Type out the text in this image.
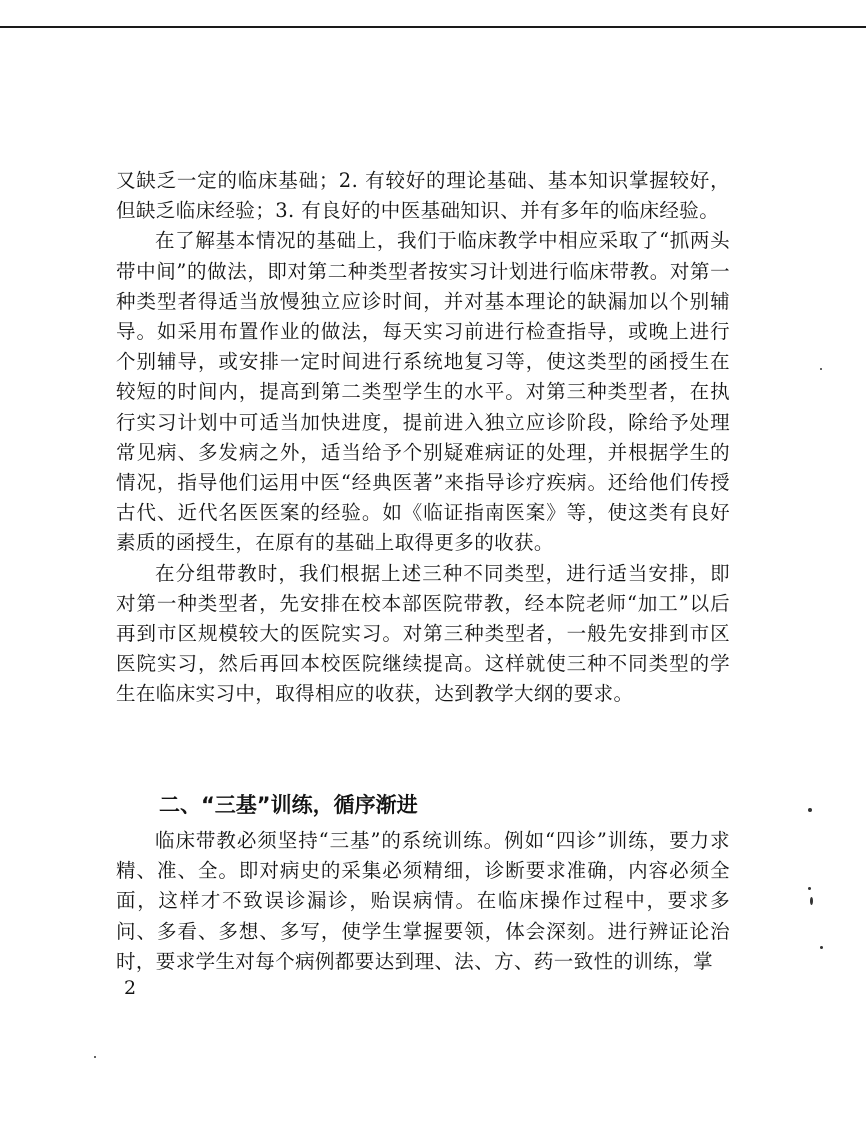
又缺乏一定的临床基础；2. 有较好的理论基础、基本知识掌握较好，但缺乏临床经验；3. 有良好的中医基础知识、并有多年的临床经验。

在了解基本情况的基础上，我们于临床教学中相应采取了“抓两头带中间”的做法，即对第二种类型者按实习计划进行临床带教。对第一种类型者得适当放慢独立应诊时间，并对基本理论的缺漏加以个别辅导。如采用布置作业的做法，每天实习前进行检查指导，或晚上进行个别辅导，或安排一定时间进行系统地复习等，使这类型的函授生在较短的时间内，提高到第二类型学生的水平。对第三种类型者，在执行实习计划中可适当加快进度，提前进入独立应诊阶段，除给予处理常见病、多发病之外，适当给予个别疑难病证的处理，并根据学生的情况，指导他们运用中医“经典医著”来指导诊疗疾病。还给他们传授古代、近代名医医案的经验。如《临证指南医案》等，使这类有良好素质的函授生，在原有的基础上取得更多的收获。

在分组带教时，我们根据上述三种不同类型，进行适当安排，即对第一种类型者，先安排在校本部医院带教，经本院老师“加工”以后再到市区规模较大的医院实习。对第三种类型者，一般先安排到市区医院实习，然后再回本校医院继续提高。这样就使三种不同类型的学生在临床实习中，取得相应的收获，达到教学大纲的要求。

二、“三基”训练，循序渐进

临床带教必须坚持“三基”的系统训练。例如“四诊”训练，要力求精、准、全。即对病史的采集必须精细，诊断要求准确，内容必须全面，这样才不致误诊漏诊，贻误病情。在临床操作过程中，要求多问、多看、多想、多写，使学生掌握要领，体会深刻。进行辨证论治时，要求学生对每个病例都要达到理、法、方、药一致性的训练，掌

2
